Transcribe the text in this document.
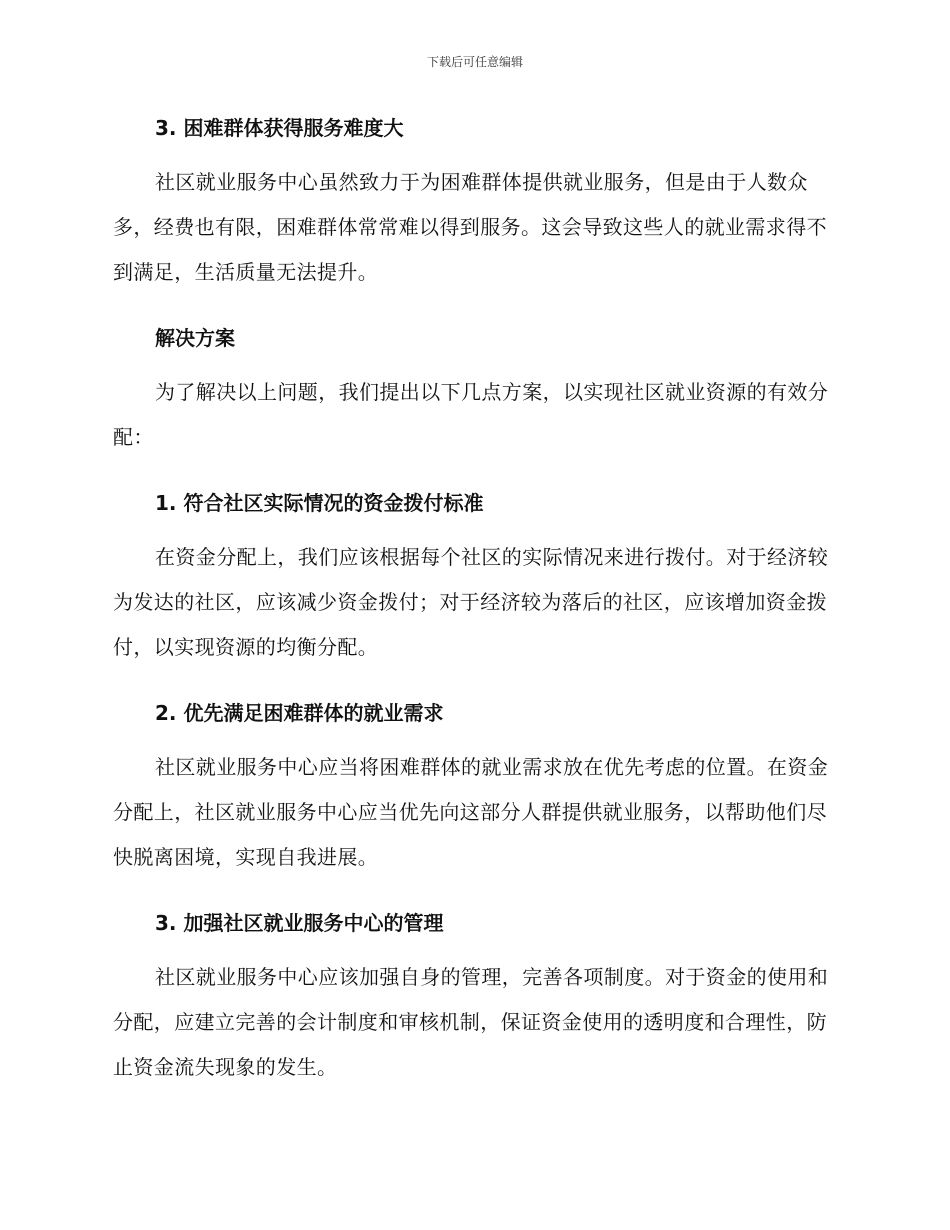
下载后可任意编辑
3. 困难群体获得服务难度大

社区就业服务中心虽然致力于为困难群体提供就业服务，但是由于人数众多，经费也有限，困难群体常常难以得到服务。这会导致这些人的就业需求得不到满足，生活质量无法提升。

解决方案

为了解决以上问题，我们提出以下几点方案，以实现社区就业资源的有效分配：

1. 符合社区实际情况的资金拨付标准

在资金分配上，我们应该根据每个社区的实际情况来进行拨付。对于经济较为发达的社区，应该减少资金拨付；对于经济较为落后的社区，应该增加资金拨付，以实现资源的均衡分配。

2. 优先满足困难群体的就业需求

社区就业服务中心应当将困难群体的就业需求放在优先考虑的位置。在资金分配上，社区就业服务中心应当优先向这部分人群提供就业服务，以帮助他们尽快脱离困境，实现自我进展。

3. 加强社区就业服务中心的管理

社区就业服务中心应该加强自身的管理，完善各项制度。对于资金的使用和分配，应建立完善的会计制度和审核机制，保证资金使用的透明度和合理性，防止资金流失现象的发生。
